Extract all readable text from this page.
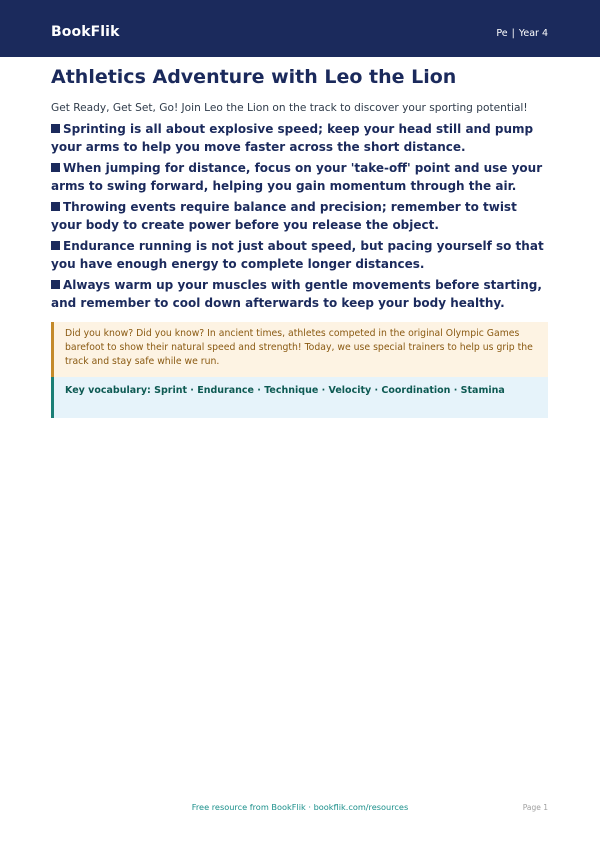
BookFlik	Pe | Year 4
Athletics Adventure with Leo the Lion

Get Ready, Get Set, Go! Join Leo the Lion on the track to discover your sporting potential!

Sprinting is all about explosive speed; keep your head still and pump your arms to help you move faster across the short distance.
When jumping for distance, focus on your 'take-off' point and use your arms to swing forward, helping you gain momentum through the air.
Throwing events require balance and precision; remember to twist your body to create power before you release the object.
Endurance running is not just about speed, but pacing yourself so that you have enough energy to complete longer distances.
Always warm up your muscles with gentle movements before starting, and remember to cool down afterwards to keep your body healthy.
Did you know? Did you know? In ancient times, athletes competed in the original Olympic Games barefoot to show their natural speed and strength! Today, we use special trainers to help us grip the track and stay safe while we run.
Key vocabulary: Sprint · Endurance · Technique · Velocity · Coordination · Stamina
Free resource from BookFlik · bookflik.com/resources	Page 1
